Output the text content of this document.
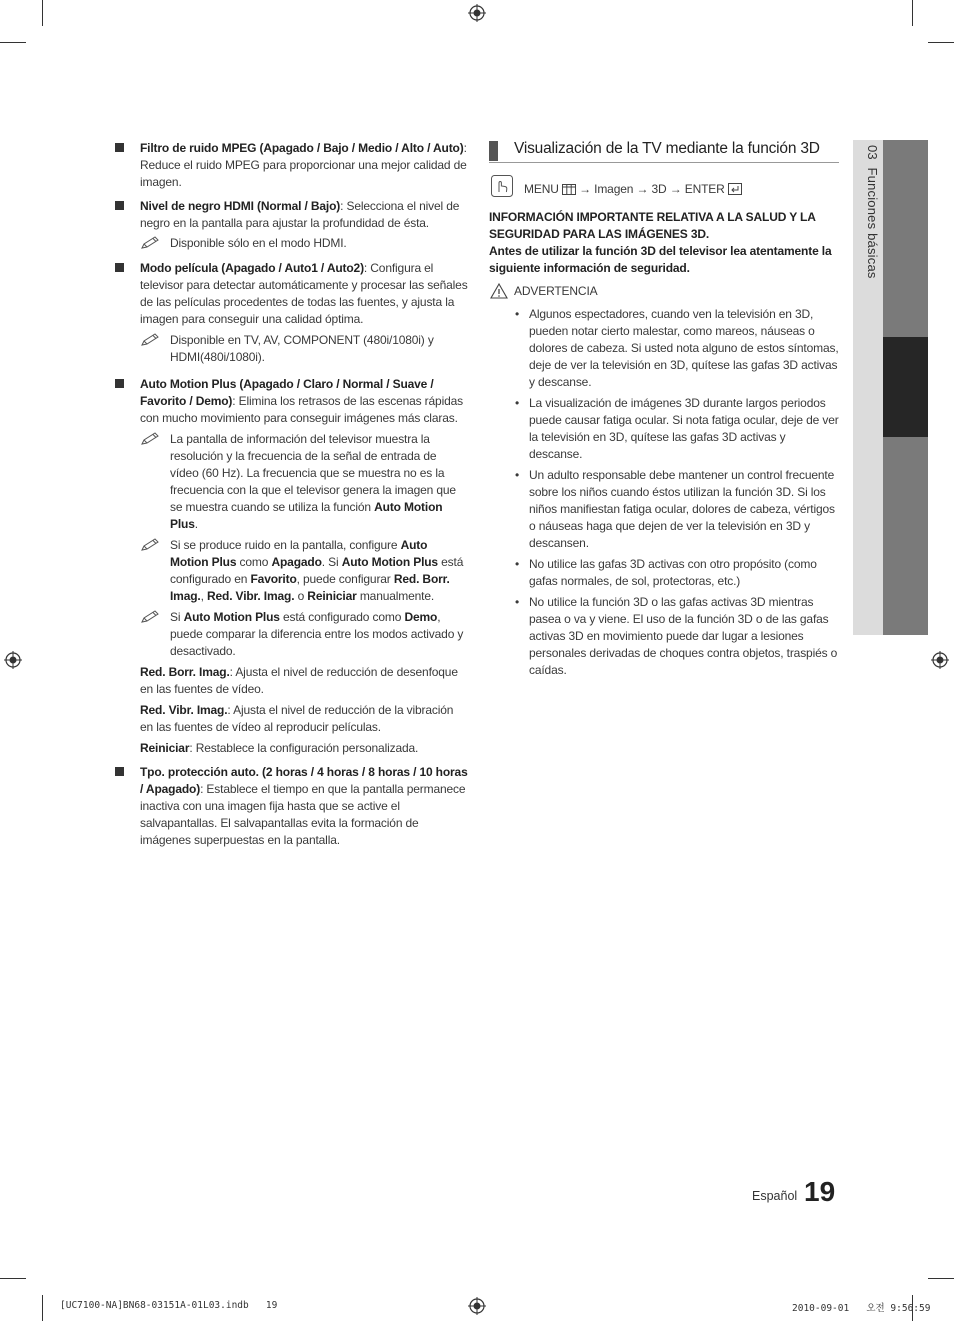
Filtro de ruido MPEG (Apagado / Bajo / Medio / Alto / Auto): Reduce el ruido MPEG para proporcionar una mejor calidad de imagen.
Nivel de negro HDMI (Normal / Bajo): Selecciona el nivel de negro en la pantalla para ajustar la profundidad de ésta.
Disponible sólo en el modo HDMI.
Modo película (Apagado / Auto1 / Auto2): Configura el televisor para detectar automáticamente y procesar las señales de las películas procedentes de todas las fuentes, y ajusta la imagen para conseguir una calidad óptima.
Disponible en TV, AV, COMPONENT (480i/1080i) y HDMI(480i/1080i).
Auto Motion Plus (Apagado / Claro / Normal / Suave / Favorito / Demo): Elimina los retrasos de las escenas rápidas con mucho movimiento para conseguir imágenes más claras.
La pantalla de información del televisor muestra la resolución y la frecuencia de la señal de entrada de vídeo (60 Hz). La frecuencia que se muestra no es la frecuencia con la que el televisor genera la imagen que se muestra cuando se utiliza la función Auto Motion Plus.
Si se produce ruido en la pantalla, configure Auto Motion Plus como Apagado. Si Auto Motion Plus está configurado en Favorito, puede configurar Red. Borr. Imag., Red. Vibr. Imag. o Reiniciar manualmente.
Si Auto Motion Plus está configurado como Demo, puede comparar la diferencia entre los modos activado y desactivado.
Red. Borr. Imag.: Ajusta el nivel de reducción de desenfoque en las fuentes de vídeo.
Red. Vibr. Imag.: Ajusta el nivel de reducción de la vibración en las fuentes de vídeo al reproducir películas.
Reiniciar: Restablece la configuración personalizada.
Tpo. protección auto. (2 horas / 4 horas / 8 horas / 10 horas / Apagado): Establece el tiempo en que la pantalla permanece inactiva con una imagen fija hasta que se active el salvapantallas. El salvapantallas evita la formación de imágenes superpuestas en la pantalla.
Visualización de la TV mediante la función 3D
MENU  → Imagen → 3D → ENTER
INFORMACIÓN IMPORTANTE RELATIVA A LA SALUD Y LA SEGURIDAD PARA LAS IMÁGENES 3D.
Antes de utilizar la función 3D del televisor lea atentamente la siguiente información de seguridad.
ADVERTENCIA
• Algunos espectadores, cuando ven la televisión en 3D, pueden notar cierto malestar, como mareos, náuseas o dolores de cabeza. Si usted nota alguno de estos síntomas, deje de ver la televisión en 3D, quítese las gafas 3D activas y descanse.
• La visualización de imágenes 3D durante largos periodos puede causar fatiga ocular. Si nota fatiga ocular, deje de ver la televisión en 3D, quítese las gafas 3D activas y descanse.
• Un adulto responsable debe mantener un control frecuente sobre los niños cuando éstos utilizan la función 3D. Si los niños manifiestan fatiga ocular, dolores de cabeza, vértigos o náuseas haga que dejen de ver la televisión en 3D y descansen.
• No utilice las gafas 3D activas con otro propósito (como gafas normales, de sol, protectoras, etc.)
• No utilice la función 3D o las gafas activas 3D mientras pasea o va y viene. El uso de la función 3D o de las gafas activas 3D en movimiento puede dar lugar a lesiones personales derivadas de choques contra objetos, traspiés o caídas.
03  Funciones básicas
Español 19
[UC7100-NA]BN68-03151A-01L03.indb   19	2010-09-01   오전 9:56:59
